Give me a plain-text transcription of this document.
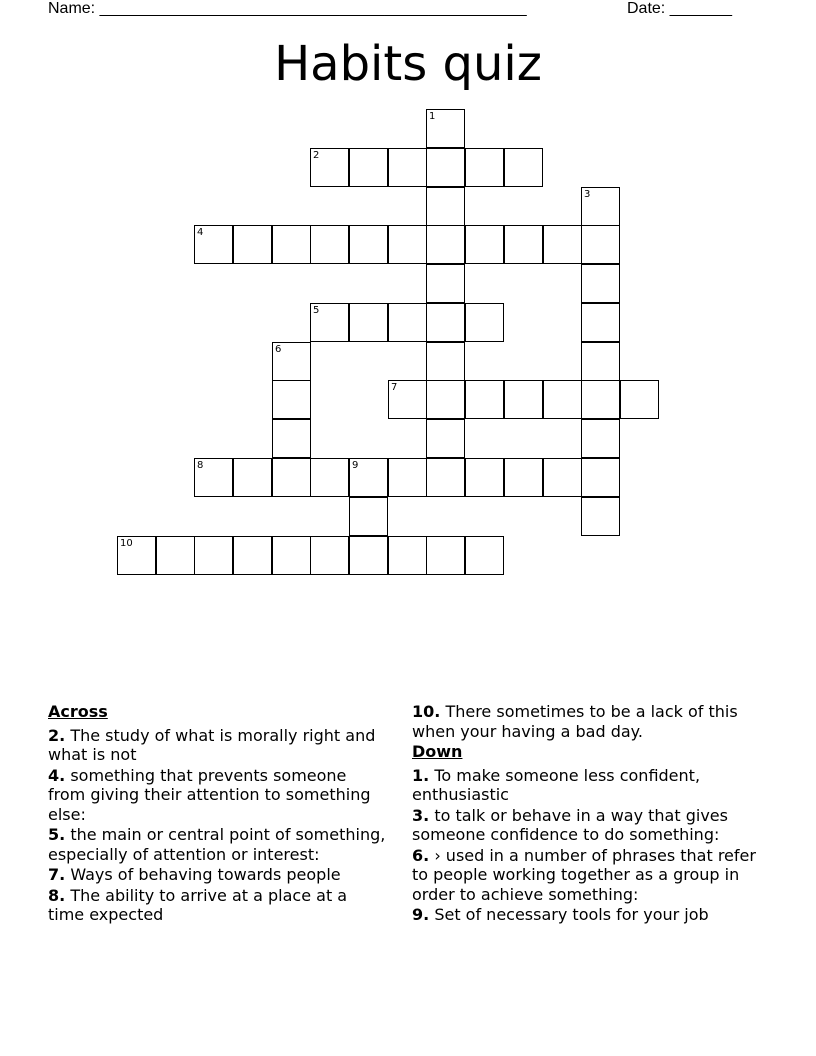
Name: ________________________________________________	Date: _______
Habits quiz
1
2
3
4
5
6
7
8	9
10
Across
2. The study of what is morally right and what is not
4. something that prevents someone from giving their attention to something else:
5. the main or central point of something, especially of attention or interest:
7. Ways of behaving towards people
8. The ability to arrive at a place at a time expected
10. There sometimes to be a lack of this when your having a bad day.
Down
1. To make someone less confident, enthusiastic
3. to talk or behave in a way that gives someone confidence to do something:
6. › used in a number of phrases that refer to people working together as a group in order to achieve something:
9. Set of necessary tools for your job
